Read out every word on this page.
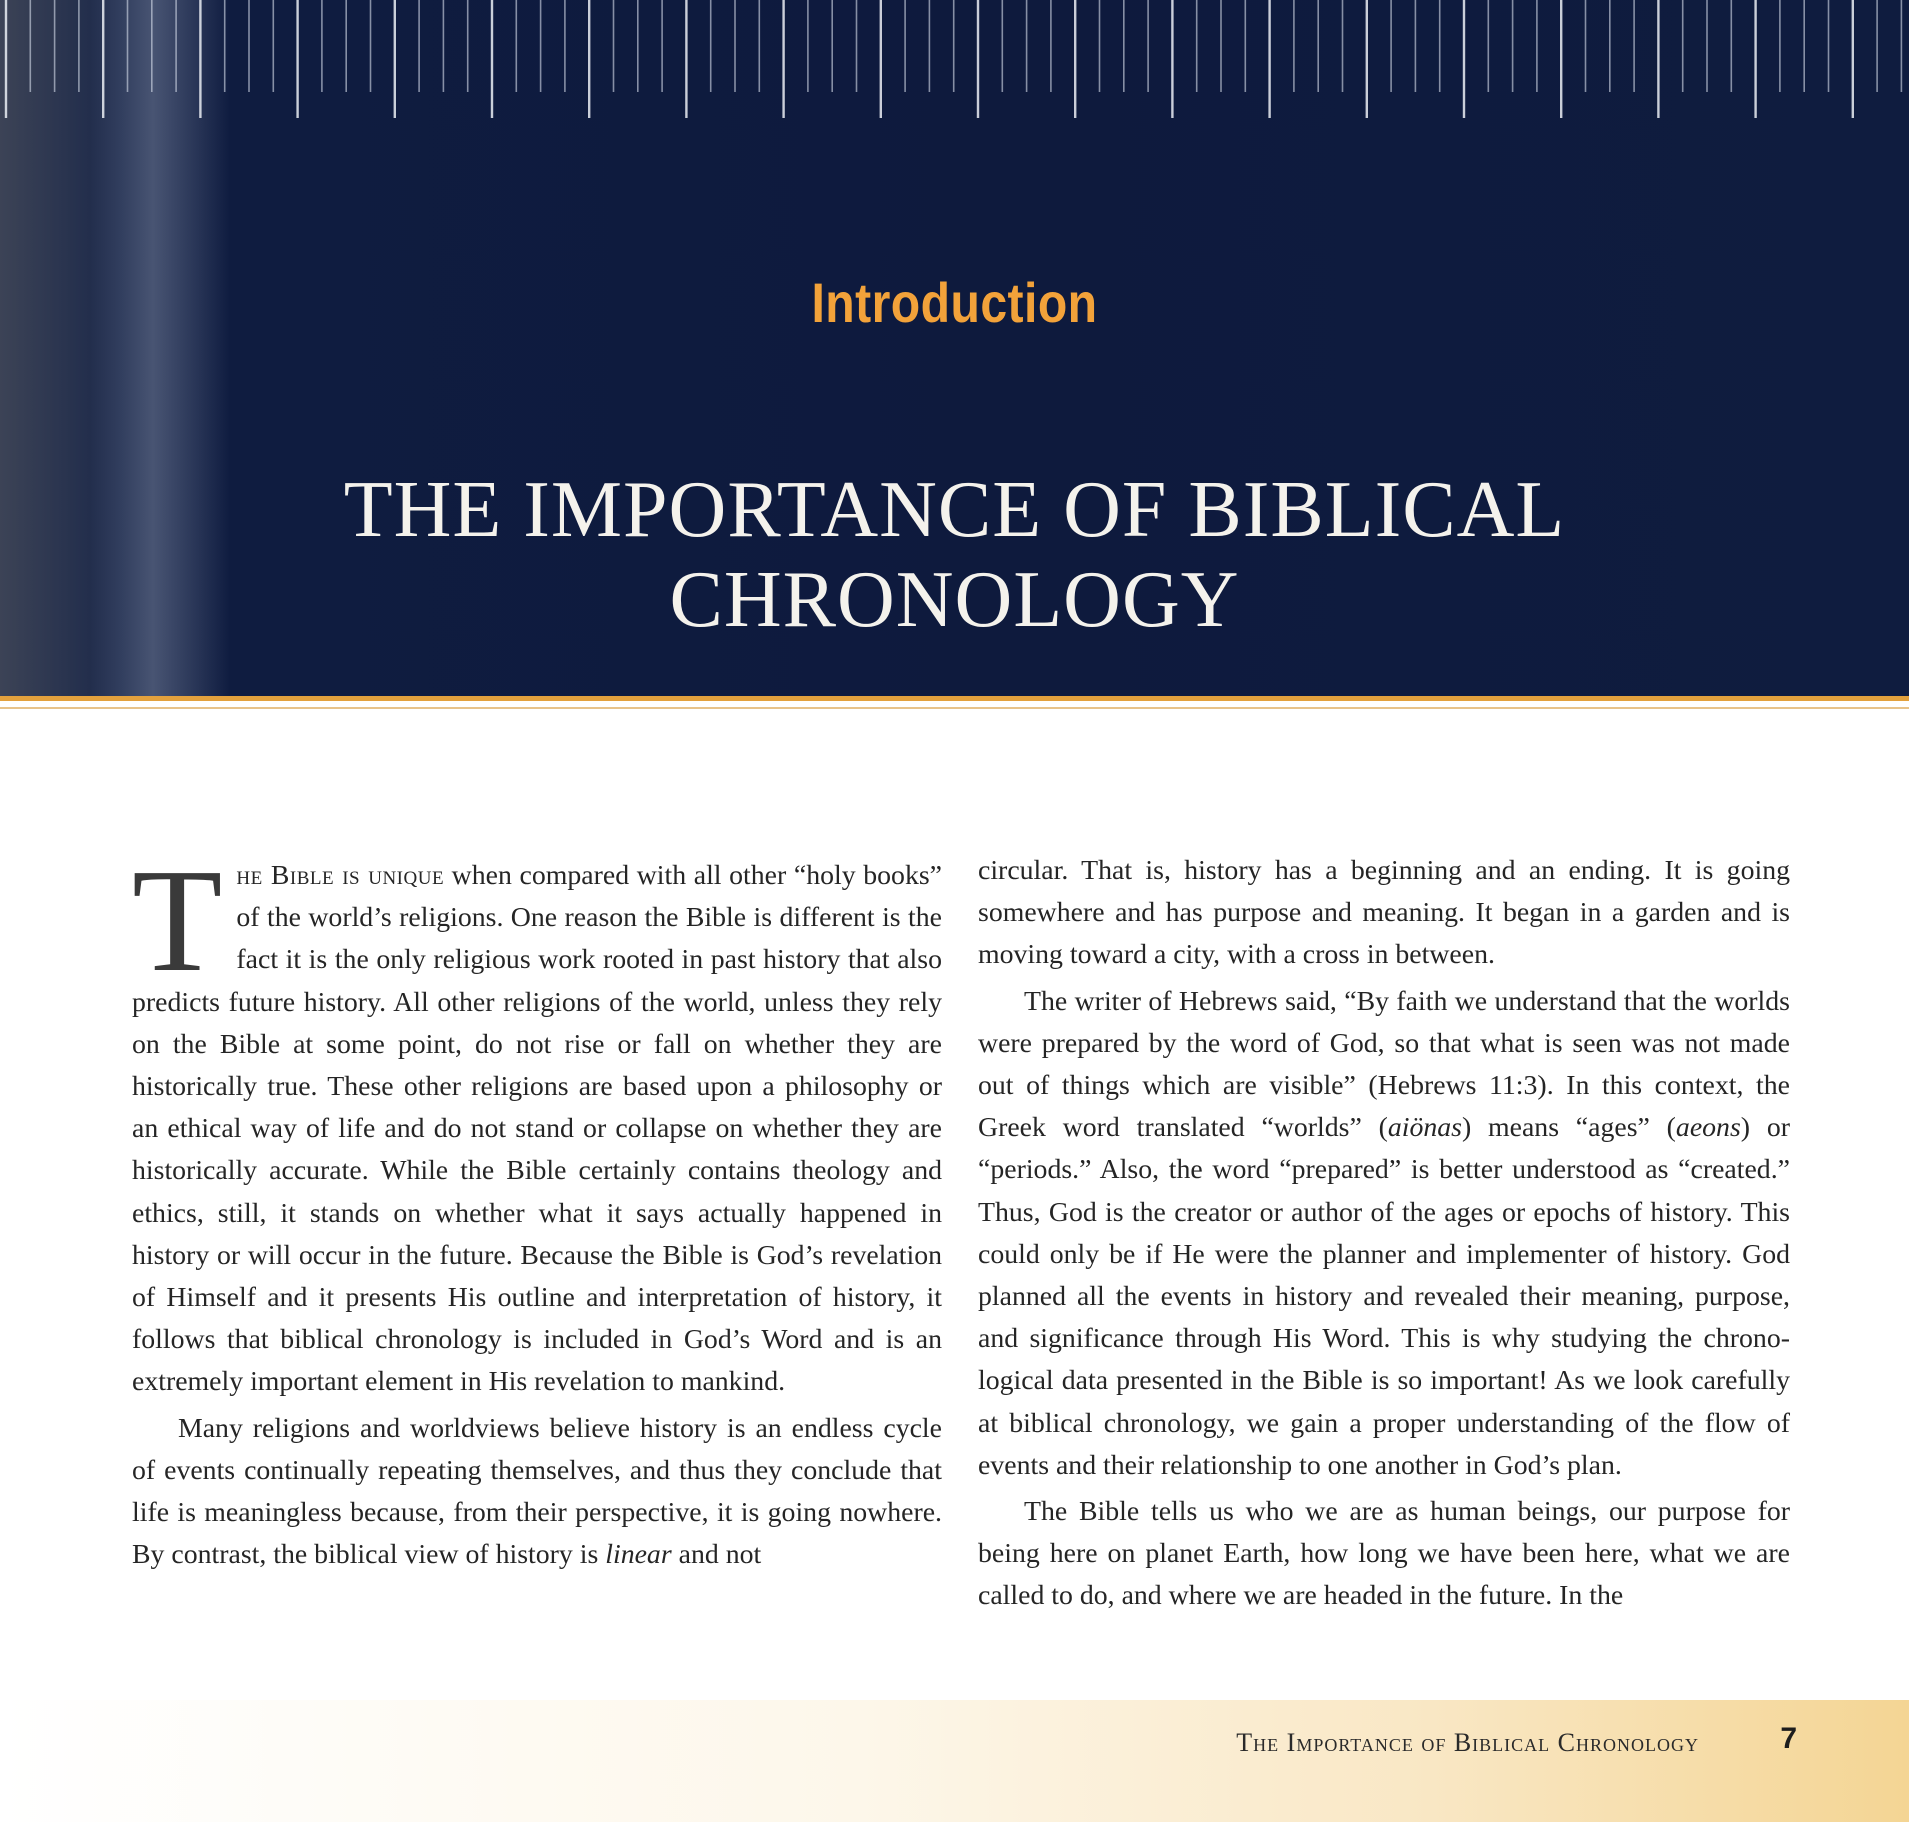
Introduction
THE IMPORTANCE OF BIBLICAL
CHRONOLOGY

The Bible is unique when compared with all other “holy books” of the world’s religions. One reason the Bible is different is the fact it is the only religious work rooted in past history that also predicts future history. All other religions of the world, unless they rely on the Bible at some point, do not rise or fall on whether they are historically true. These other religions are based upon a philosophy or an ethical way of life and do not stand or collapse on whether they are historically accurate. While the Bible certainly contains theology and ethics, still, it stands on whether what it says actually happened in history or will occur in the future. Because the Bible is God’s revelation of Himself and it presents His outline and interpretation of history, it follows that biblical chronology is included in God’s Word and is an extremely important element in His revelation to mankind.

Many religions and worldviews believe history is an endless cycle of events continually repeating themselves, and thus they conclude that life is meaningless because, from their perspective, it is going nowhere. By contrast, the biblical view of history is linear and not

circular. That is, history has a beginning and an ending. It is going somewhere and has purpose and meaning. It began in a garden and is moving toward a city, with a cross in between.

The writer of Hebrews said, “By faith we understand that the worlds were prepared by the word of God, so that what is seen was not made out of things which are visible” (Hebrews 11:3). In this context, the Greek word translated “worlds” (aiönas) means “ages” (aeons) or “periods.” Also, the word “prepared” is better understood as “created.” Thus, God is the creator or author of the ages or epochs of history. This could only be if He were the planner and implementer of history. God planned all the events in history and revealed their meaning, purpose, and significance through His Word. This is why studying the chronological data presented in the Bible is so important! As we look carefully at biblical chronology, we gain a proper understanding of the flow of events and their relationship to one another in God’s plan.

The Bible tells us who we are as human beings, our purpose for being here on planet Earth, how long we have been here, what we are called to do, and where we are headed in the future. In the

The Importance of Biblical Chronology	7
